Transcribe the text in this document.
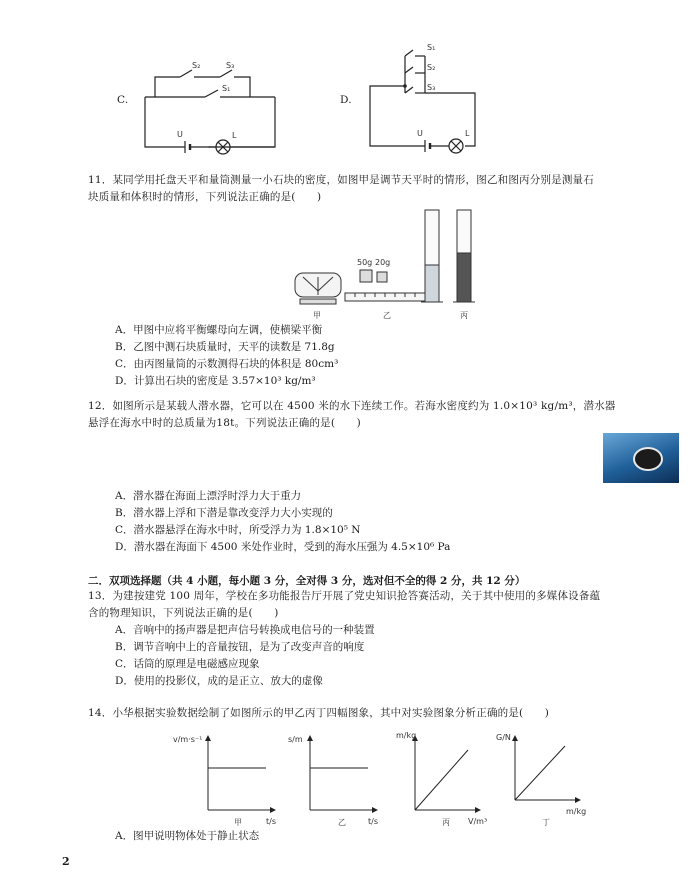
C.
S₂	S₃
S₁
U	L
D.
S₁
S₂
S₃
U	L
11．某同学用托盘天平和量筒测量一小石块的密度，如图甲是调节天平时的情形，图乙和图丙分别是测量石
块质量和体积时的情形，下列说法正确的是(　　)
甲
50g 20g
乙	丙
A．甲图中应将平衡螺母向左调，使横梁平衡
B．乙图中测石块质量时，天平的读数是 71.8g
C．由丙图量筒的示数测得石块的体积是 80cm³
D．计算出石块的密度是 3.57×10³ kg/m³
12．如图所示是某载人潜水器，它可以在 4500 米的水下连续工作。若海水密度约为 1.0×10³ kg/m³，潜水器
悬浮在海水中时的总质量为18t。下列说法正确的是(　　)
A．潜水器在海面上漂浮时浮力大于重力
B．潜水器上浮和下潜是靠改变浮力大小实现的
C．潜水器悬浮在海水中时，所受浮力为 1.8×10⁵ N
D．潜水器在海面下 4500 米处作业时，受到的海水压强为 4.5×10⁶ Pa
二．双项选择题（共 4 小题，每小题 3 分，全对得 3 分，选对但不全的得 2 分，共 12 分）
13．为建按建党 100 周年，学校在多功能报告厅开展了党史知识抢答赛活动，关于其中使用的多媒体设备蕴
含的物理知识，下列说法正确的是(　　)
A．音响中的扬声器是把声信号转换成电信号的一种装置
B．调节音响中上的音量按钮，是为了改变声音的响度
C．话筒的原理是电磁感应现象
D．使用的投影仪，成的是正立、放大的虚像
14．小华根据实验数据绘制了如图所示的甲乙丙丁四幅图象，其中对实验图象分析正确的是(　　)
v/m·s⁻¹
t/s
甲
s/m
t/s
乙
m/kg
V/m³
丙
G/N
m/kg
丁
A．图甲说明物体处于静止状态
2
